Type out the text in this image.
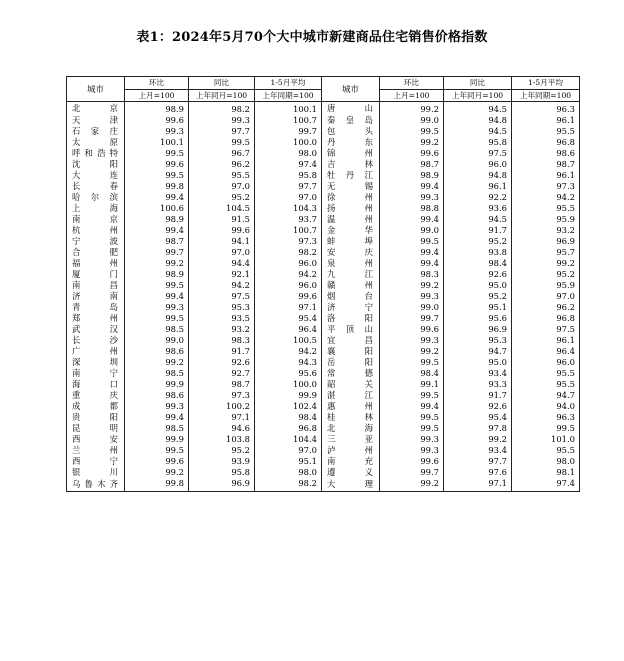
表1：2024年5月70个大中城市新建商品住宅销售价格指数
城市	环比	同比	1-5月平均	城市	环比	同比	1-5月平均
	上月=100	上年同月=100	上年同期=100		上月=100	上年同月=100	上年同期=100
北　京	98.9	98.2	100.1	唐　山	99.2	94.5	96.3
天　津	99.6	99.3	100.7	秦皇岛	99.0	94.8	96.1
石家庄	99.3	97.7	99.7	包　头	99.5	94.5	95.5
太　原	100.1	99.5	100.0	丹　东	99.2	95.8	96.8
呼和浩特	99.5	96.7	98.0	锦　州	99.6	97.5	98.6
沈　阳	99.6	96.2	97.4	吉　林	98.7	96.0	98.7
大　连	99.5	95.5	95.8	牡丹江	98.9	94.8	96.1
长　春	99.8	97.0	97.7	无　锡	99.4	96.1	97.3
哈尔滨	99.4	95.2	97.0	徐　州	99.3	92.2	94.2
上　海	100.6	104.5	104.3	扬　州	98.8	93.6	95.5
南　京	98.9	91.5	93.7	温　州	99.4	94.5	95.9
杭　州	99.4	99.6	100.7	金　华	99.0	91.7	93.2
宁　波	98.7	94.1	97.3	蚌　埠	99.5	95.2	96.9
合　肥	99.7	97.0	98.2	安　庆	99.4	93.8	95.7
福　州	99.2	94.4	96.0	泉　州	99.4	98.4	99.2
厦　门	98.9	92.1	94.2	九　江	98.3	92.6	95.2
南　昌	99.5	94.2	96.0	赣　州	99.2	95.0	95.9
济　南	99.4	97.5	99.6	烟　台	99.3	95.2	97.0
青　岛	99.3	95.3	97.1	济　宁	99.0	95.1	96.2
郑　州	99.5	93.5	95.4	洛　阳	99.7	95.6	96.8
武　汉	98.5	93.2	96.4	平顶山	99.6	96.9	97.5
长　沙	99.0	98.3	100.5	宜　昌	99.3	95.3	96.1
广　州	98.6	91.7	94.2	襄　阳	99.2	94.7	96.4
深　圳	99.2	92.6	94.3	岳　阳	99.5	95.0	96.0
南　宁	98.5	92.7	95.6	常　德	98.4	93.4	95.5
海　口	99.9	98.7	100.0	韶　关	99.1	93.3	95.5
重　庆	98.6	97.3	99.9	湛　江	99.5	91.7	94.7
成　都	99.3	100.2	102.4	惠　州	99.4	92.6	94.0
贵　阳	99.4	97.1	98.4	桂　林	99.5	95.4	96.3
昆　明	98.5	94.6	96.8	北　海	99.5	97.8	99.5
西　安	99.9	103.8	104.4	三　亚	99.3	99.2	101.0
兰　州	99.5	95.2	97.0	泸　州	99.3	93.4	95.5
西　宁	99.6	93.9	95.1	南　充	99.6	97.7	98.0
银　川	99.2	95.8	98.0	遵　义	99.7	97.6	98.1
乌鲁木齐	99.8	96.9	98.2	大　理	99.2	97.1	97.4
